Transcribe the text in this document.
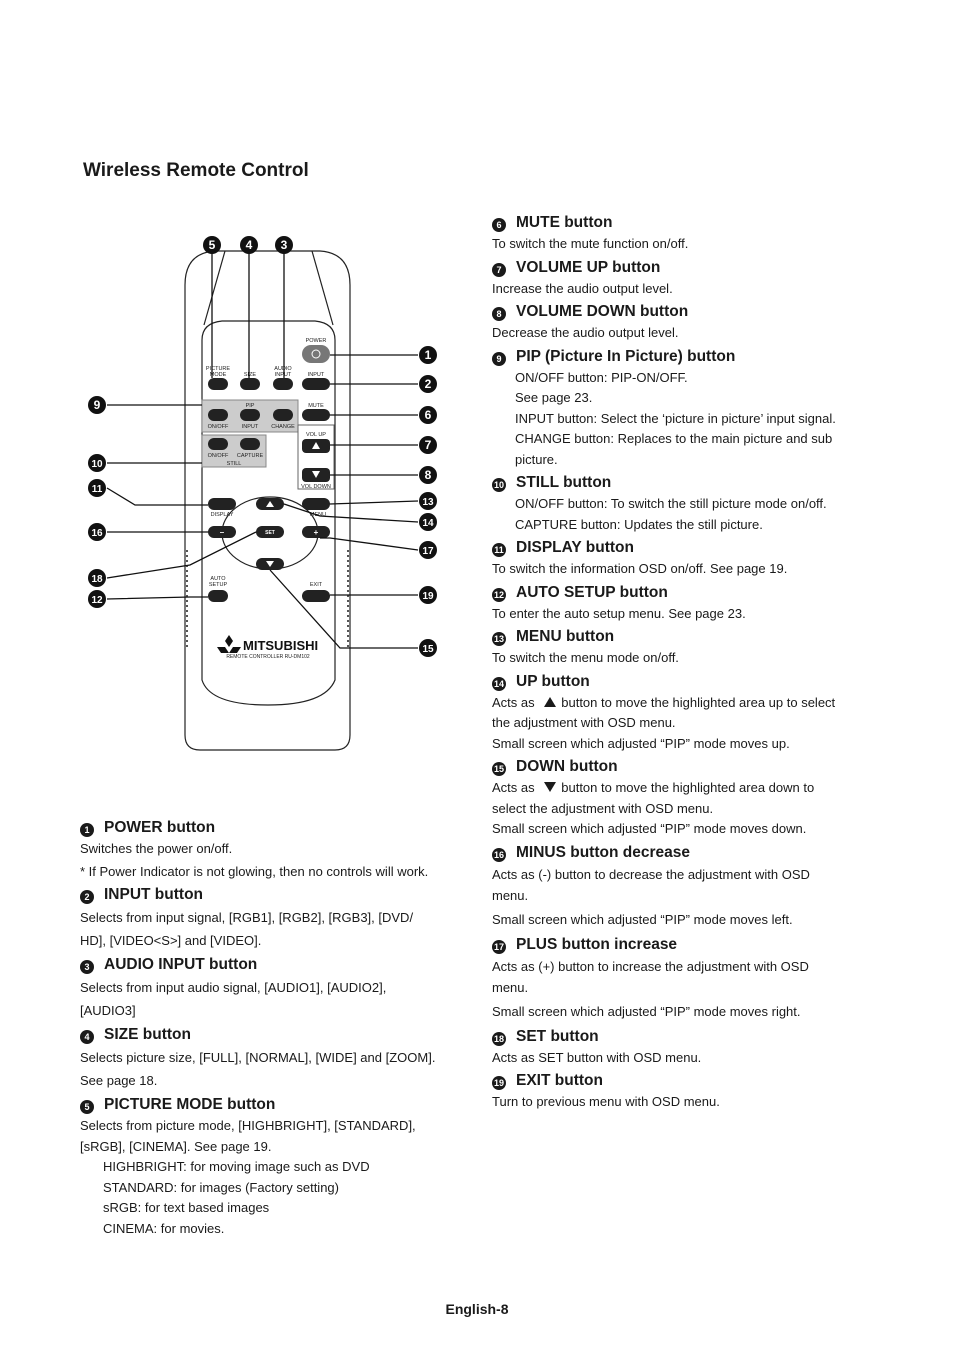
Wireless Remote Control
POWER
PICTURE
MODE	SIZE
AUDIO
INPUT	INPUT
PIP	MUTE
ON/OFF INPUT CHANGE
VOL UP
VOL DOWN
ON/OFF CAPTURE
STILL
DISPLAY	MENU
AUTO
SETUP	EXIT
REMOTE CONTROLLER RU-DM102
–	SET	+
MITSUBISHI
5	4 3
1
2
6
7
8
9
10
11
16
18
12
13
14
17
19
15
1 POWER button

Switches the power on/off.

* If Power Indicator is not glowing, then no controls will work.

2 INPUT button

Selects from input signal, [RGB1], [RGB2], [RGB3], [DVD/

HD], [VIDEO<S>] and [VIDEO].

3 AUDIO INPUT button

Selects from input audio signal, [AUDIO1], [AUDIO2],

[AUDIO3]

4 SIZE button

Selects picture size, [FULL], [NORMAL], [WIDE] and [ZOOM].

See page 18.

5 PICTURE MODE button

Selects from picture mode, [HIGHBRIGHT], [STANDARD],

[sRGB], [CINEMA]. See page 19.

HIGHBRIGHT: for moving image such as DVD

STANDARD: for images (Factory setting)

sRGB: for text based images

CINEMA: for movies.

6 MUTE button

To switch the mute function on/off.

7 VOLUME UP button

Increase the audio output level.

8 VOLUME DOWN button

Decrease the audio output level.

9 PIP (Picture In Picture) button

ON/OFF button: PIP-ON/OFF.

See page 23.

INPUT button: Select the ‘picture in picture’ input signal.

CHANGE button: Replaces to the main picture and sub

picture.

10 STILL button

ON/OFF button: To switch the still picture mode on/off.

CAPTURE button: Updates the still picture.

11 DISPLAY button

To switch the information OSD on/off. See page 19.

12 AUTO SETUP button

To enter the auto setup menu. See page 23.

13 MENU button

To switch the menu mode on/off.

14 UP button

Acts as button to move the highlighted area up to select

the adjustment with OSD menu.

Small screen which adjusted “PIP” mode moves up.

15 DOWN button

Acts as button to move the highlighted area down to

select the adjustment with OSD menu.

Small screen which adjusted “PIP” mode moves down.

16 MINUS button decrease

Acts as (-) button to decrease the adjustment with OSD

menu.

Small screen which adjusted “PIP” mode moves left.

17 PLUS button increase

Acts as (+) button to increase the adjustment with OSD

menu.

Small screen which adjusted “PIP” mode moves right.

18 SET button

Acts as SET button with OSD menu.

19 EXIT button

Turn to previous menu with OSD menu.

English-8
